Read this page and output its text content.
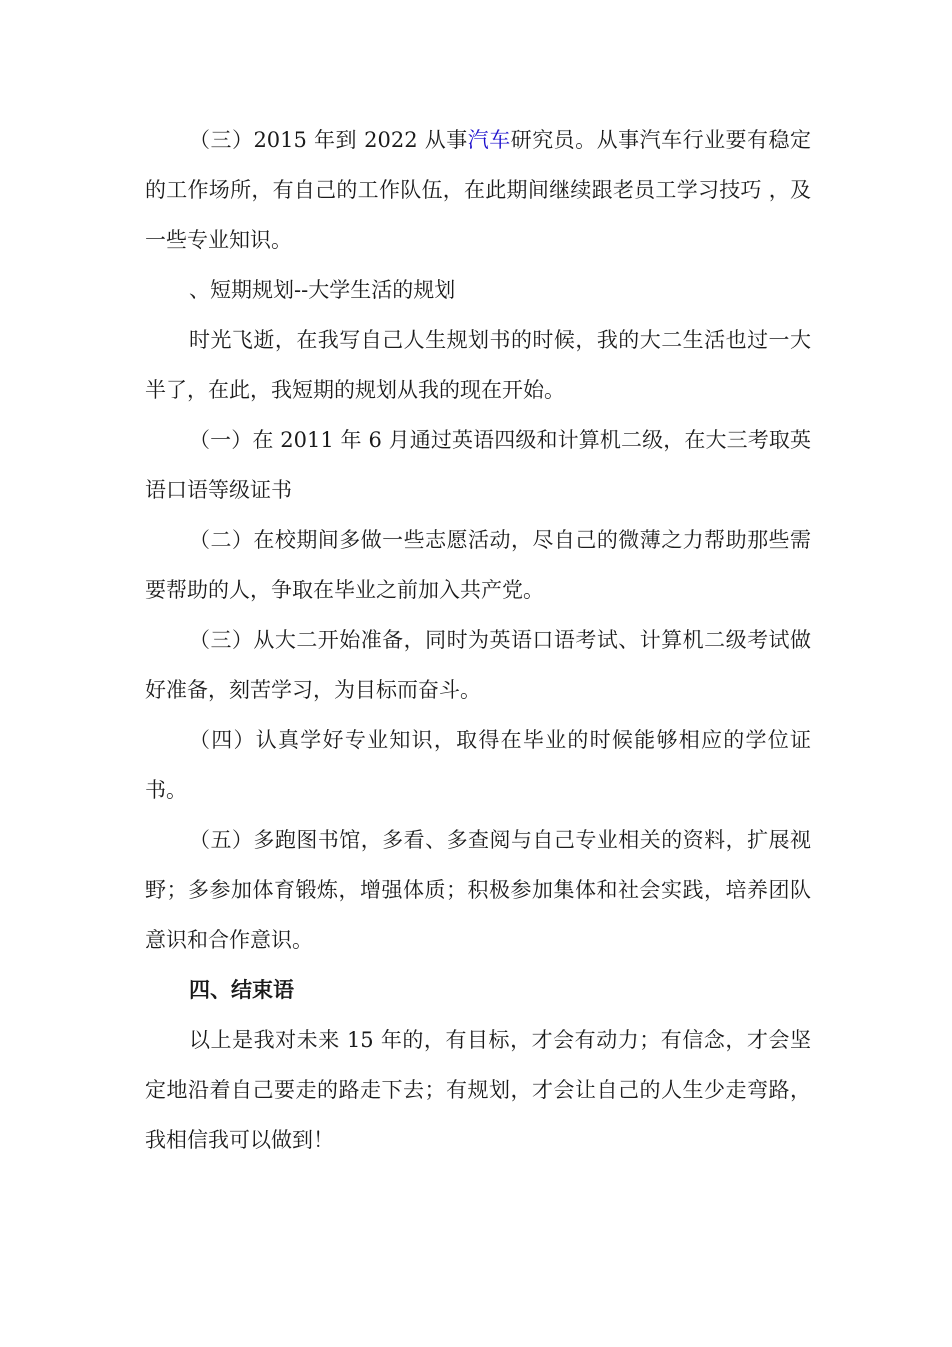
（三）2015 年到 2022 从事汽车研究员。从事汽车行业要有稳定的工作场所，有自己的工作队伍，在此期间继续跟老员工学习技巧 ，及一些专业知识。

、短期规划--大学生活的规划

时光飞逝，在我写自己人生规划书的时候，我的大二生活也过一大半了，在此，我短期的规划从我的现在开始。

（一）在 2011 年 6 月通过英语四级和计算机二级，在大三考取英语口语等级证书

（二）在校期间多做一些志愿活动，尽自己的微薄之力帮助那些需要帮助的人，争取在毕业之前加入共产党。

（三）从大二开始准备，同时为英语口语考试、计算机二级考试做好准备，刻苦学习，为目标而奋斗。

（四）认真学好专业知识，取得在毕业的时候能够相应的学位证书。

（五）多跑图书馆，多看、多查阅与自己专业相关的资料，扩展视野；多参加体育锻炼，增强体质；积极参加集体和社会实践，培养团队意识和合作意识。

四、结束语

以上是我对未来 15 年的，有目标，才会有动力；有信念，才会坚定地沿着自己要走的路走下去；有规划，才会让自己的人生少走弯路，我相信我可以做到！
